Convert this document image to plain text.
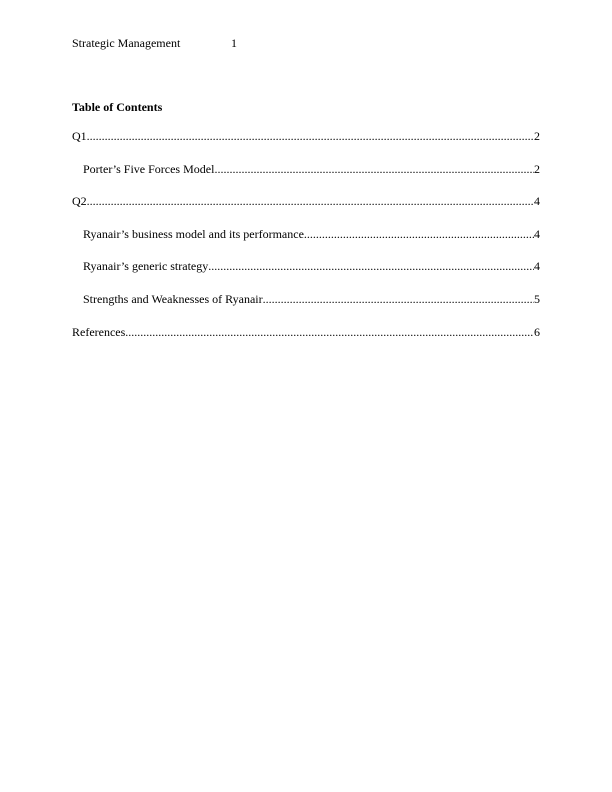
Strategic Management	1
Table of Contents
Q1 .....	2
Porter’s Five Forces Model .....	2
Q2 .....	4
Ryanair’s business model and its performance .....	4
Ryanair’s generic strategy .....	4
Strengths and Weaknesses of Ryanair .....	5
References .....	6
